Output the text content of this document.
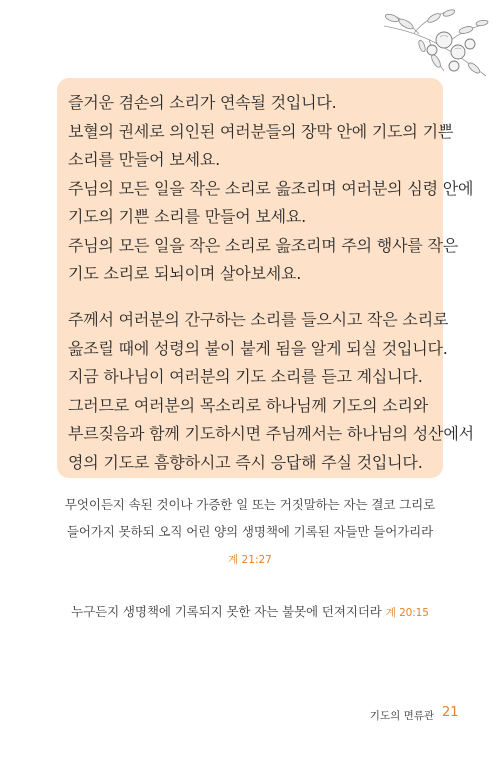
즐거운 겸손의 소리가 연속될 것입니다.
보혈의 권세로 의인된 여러분들의 장막 안에 기도의 기쁜
소리를 만들어 보세요.
주님의 모든 일을 작은 소리로 읊조리며 여러분의 심령 안에
기도의 기쁜 소리를 만들어 보세요.
주님의 모든 일을 작은 소리로 읊조리며 주의 행사를 작은
기도 소리로 되뇌이며 살아보세요.
주께서 여러분의 간구하는 소리를 들으시고 작은 소리로
읊조릴 때에 성령의 불이 붙게 됨을 알게 되실 것입니다.
지금 하나님이 여러분의 기도 소리를 듣고 계십니다.
그러므로 여러분의 목소리로 하나님께 기도의 소리와
부르짖음과 함께 기도하시면 주님께서는 하나님의 성산에서
영의 기도로 흠향하시고 즉시 응답해 주실 것입니다.
무엇이든지 속된 것이나 가증한 일 또는 거짓말하는 자는 결코 그리로
들어가지 못하되 오직 어린 양의 생명책에 기록된 자들만 들어가리라
계 21:27
누구든지 생명책에 기록되지 못한 자는 불못에 던져지더라 계 20:15
기도의 면류관 21
